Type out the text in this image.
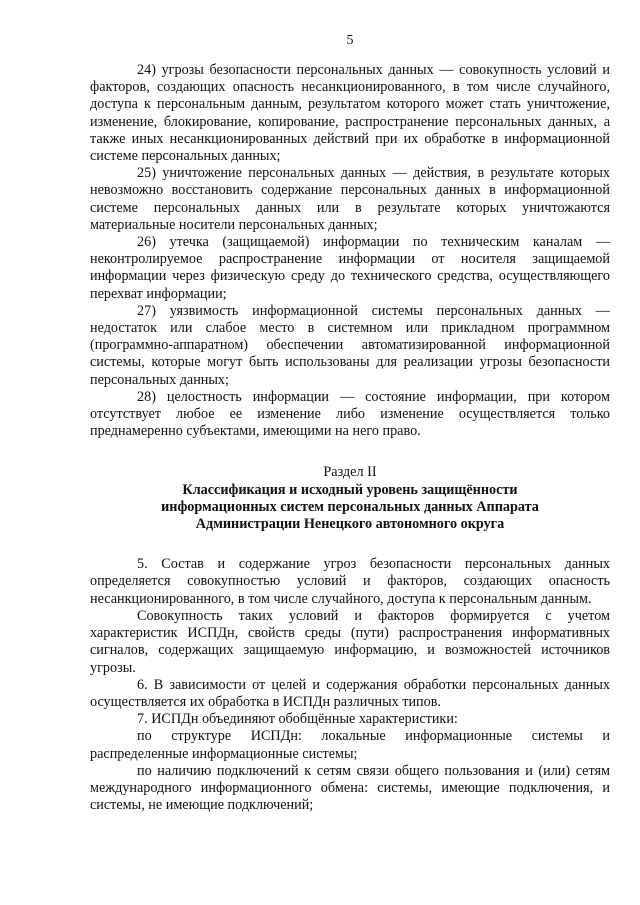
5

24) угрозы безопасности персональных данных — совокупность условий и факторов, создающих опасность несанкционированного, в том числе случайного, доступа к персональным данным, результатом которого может стать уничтожение, изменение, блокирование, копирование, распространение персональных данных, а также иных несанкционированных действий при их обработке в информационной системе персональных данных;

25) уничтожение персональных данных — действия, в результате которых невозможно восстановить содержание персональных данных в информационной системе персональных данных или в результате которых уничтожаются материальные носители персональных данных;

26) утечка (защищаемой) информации по техническим каналам — неконтролируемое распространение информации от носителя защищаемой информации через физическую среду до технического средства, осуществляющего перехват информации;

27) уязвимость информационной системы персональных данных — недостаток или слабое место в системном или прикладном программном (программно-аппаратном) обеспечении автоматизированной информационной системы, которые могут быть использованы для реализации угрозы безопасности персональных данных;

28) целостность информации — состояние информации, при котором отсутствует любое ее изменение либо изменение осуществляется только преднамеренно субъектами, имеющими на него право.

Раздел II
Классификация и исходный уровень защищённости
информационных систем персональных данных Аппарата
Администрации Ненецкого автономного округа

5. Состав и содержание угроз безопасности персональных данных определяется совокупностью условий и факторов, создающих опасность несанкционированного, в том числе случайного, доступа к персональным данным.

Совокупность таких условий и факторов формируется с учетом характеристик ИСПДн, свойств среды (пути) распространения информативных сигналов, содержащих защищаемую информацию, и возможностей источников угрозы.

6. В зависимости от целей и содержания обработки персональных данных осуществляется их обработка в ИСПДн различных типов.

7. ИСПДн объединяют обобщённые характеристики:

по структуре ИСПДн: локальные информационные системы и распределенные информационные системы;

по наличию подключений к сетям связи общего пользования и (или) сетям международного информационного обмена: системы, имеющие подключения, и системы, не имеющие подключений;
